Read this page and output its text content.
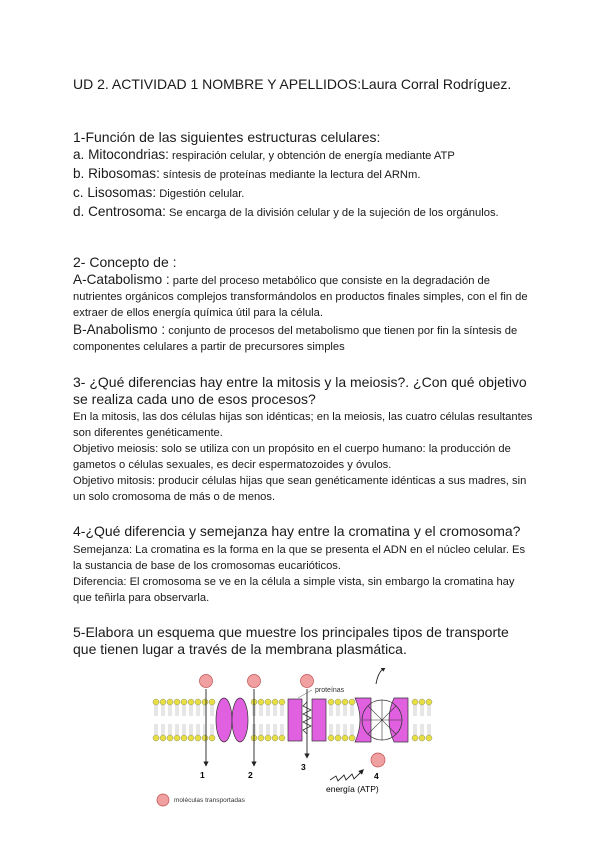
UD 2. ACTIVIDAD 1 NOMBRE Y APELLIDOS:Laura Corral Rodríguez.

1-Función de las siguientes estructuras celulares:

a. Mitocondrias: respiración celular, y obtención de energía mediante ATP

b. Ribosomas: síntesis de proteínas mediante la lectura del ARNm.

c. Lisosomas: Digestión celular.

d. Centrosoma: Se encarga de la división celular y de la sujeción de los orgánulos.

2- Concepto de :

A-Catabolismo : parte del proceso metabólico que consiste en la degradación de nutrientes orgánicos complejos transformándolos en productos finales simples, con el fin de extraer de ellos energía química útil para la célula.

B-Anabolismo : conjunto de procesos del metabolismo que tienen por fin la síntesis de componentes celulares a partir de precursores simples

3- ¿Qué diferencias hay entre la mitosis y la meiosis?. ¿Con qué objetivo se realiza cada uno de esos procesos?

En la mitosis, las dos células hijas son idénticas; en la meiosis, las cuatro células resultantes son diferentes genéticamente.

Objetivo meiosis: solo se utiliza con un propósito en el cuerpo humano: la producción de gametos o células sexuales, es decir espermatozoides y óvulos.

Objetivo mitosis: producir células hijas que sean genéticamente idénticas a sus madres, sin un solo cromosoma de más o de menos.

4-¿Qué diferencia y semejanza hay entre la cromatina y el cromosoma?

Semejanza: La cromatina es la forma en la que se presenta el ADN en el núcleo celular. Es la sustancia de base de los cromosomas eucarióticos.

Diferencia: El cromosoma se ve en la célula a simple vista, sin embargo la cromatina hay que teñirla para observarla.

5-Elabora un esquema que muestre los principales tipos de transporte que tienen lugar a través de la membrana plasmática.

proteínas
1	2
3
4
energía (ATP)
moléculas transportadas
